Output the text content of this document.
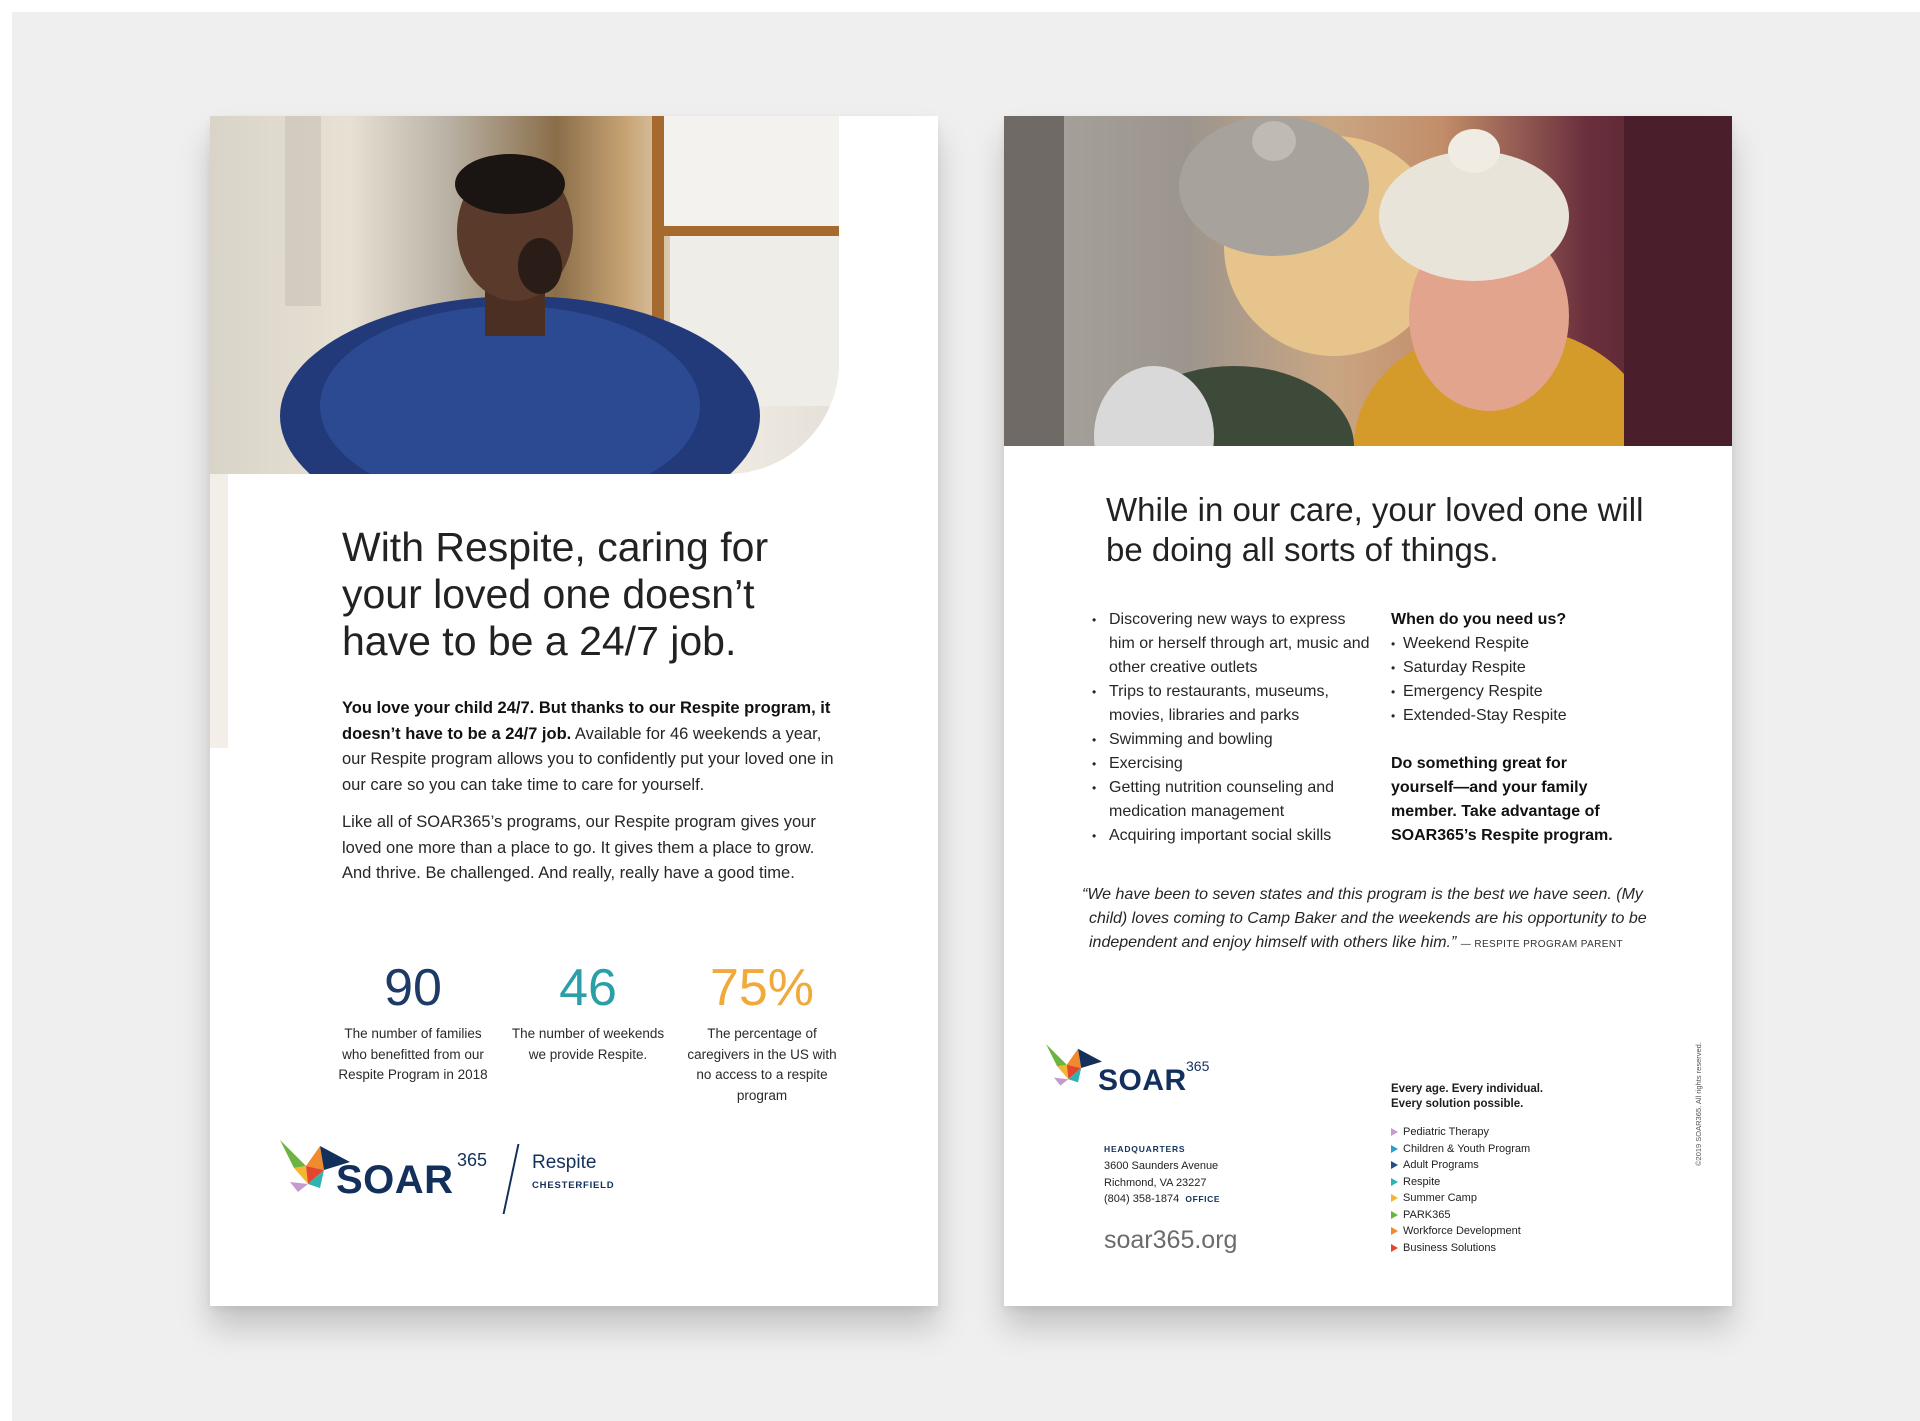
With Respite, caring for your loved one doesn’t have to be a 24/7 job.

You love your child 24/7. But thanks to our Respite program, it doesn’t have to be a 24/7 job. Available for 46 weekends a year, our Respite program allows you to confidently put your loved one in our care so you can take time to care for yourself.

Like all of SOAR365’s programs, our Respite program gives your loved one more than a place to go. It gives them a place to grow. And thrive. Be challenged. And really, really have a good time.

90
The number of families who benefitted from our Respite Program in 2018
46
The number of weekends we provide Respite.
75%
The percentage of caregivers in the US with no access to a respite program
SOAR 365 Respite
CHESTERFIELD
While in our care, your loved one will be doing all sorts of things.
• Discovering new ways to express him or herself through art, music and other creative outlets
• Trips to restaurants, museums, movies, libraries and parks
• Swimming and bowling
• Exercising
• Getting nutrition counseling and medication management
• Acquiring important social skills
When do you need us?
• Weekend Respite
• Saturday Respite
• Emergency Respite
• Extended-Stay Respite
Do something great for yourself—and your family member. Take advantage of SOAR365’s Respite program.
“We have been to seven states and this program is the best we have seen. (My child) loves coming to Camp Baker and the weekends are his opportunity to be independent and enjoy himself with others like him.” — RESPITE PROGRAM PARENT
SOAR 365
HEADQUARTERS
3600 Saunders Avenue
Richmond, VA 23227
(804) 358-1874 OFFICE
soar365.org
Every age. Every individual.
Every solution possible.
Pediatric Therapy
Children & Youth Program
Adult Programs
Respite
Summer Camp
PARK365
Workforce Development
Business Solutions
©2019 SOAR365. All rights reserved.
